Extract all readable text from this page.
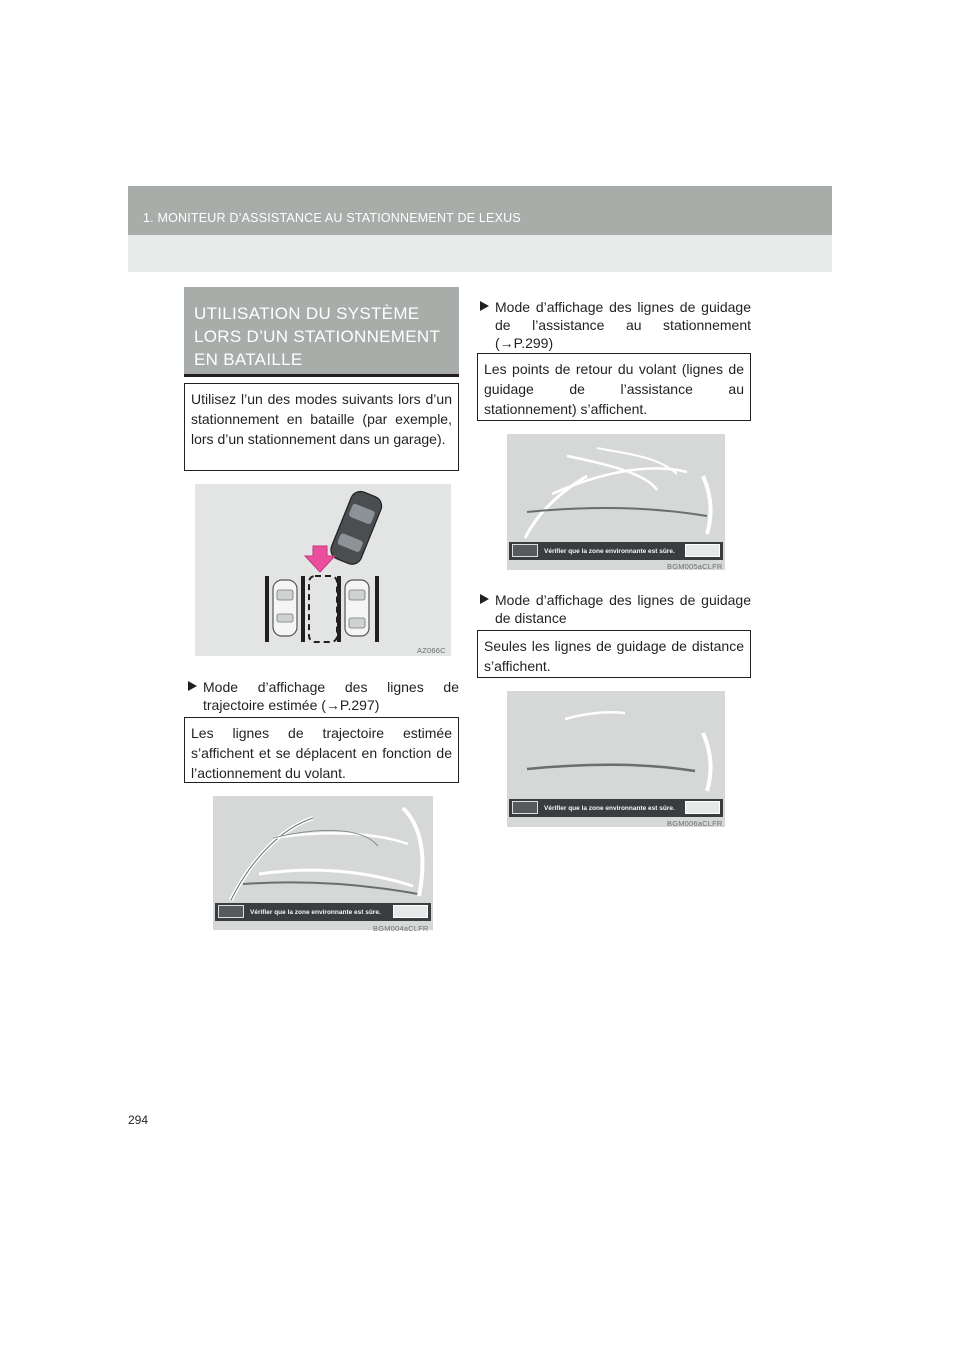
1. MONITEUR D’ASSISTANCE AU STATIONNEMENT DE LEXUS
UTILISATION DU SYSTÈME LORS D’UN STATIONNEMENT EN BATAILLE
Utilisez l’un des modes suivants lors d’un stationnement en bataille (par exemple, lors d’un stationnement dans un garage).
AZ066C
Mode d’affichage des lignes de
trajectoire estimée (→P.297)
Les lignes de trajectoire estimée s’affichent et se déplacent en fonction de l’actionnement du volant.
Vérifier que la zone environnante est sûre.
BGM004aCLFR
Mode d’affichage des lignes de guidage
de l’assistance au stationnement
(→P.299)
Les points de retour du volant (lignes de guidage de l’assistance au stationnement) s’affichent.
Vérifier que la zone environnante est sûre.
BGM005aCLFR
Mode d’affichage des lignes de guidage
de distance
Seules les lignes de guidage de distance s’affichent.
Vérifier que la zone environnante est sûre.
BGM006aCLFR
294
